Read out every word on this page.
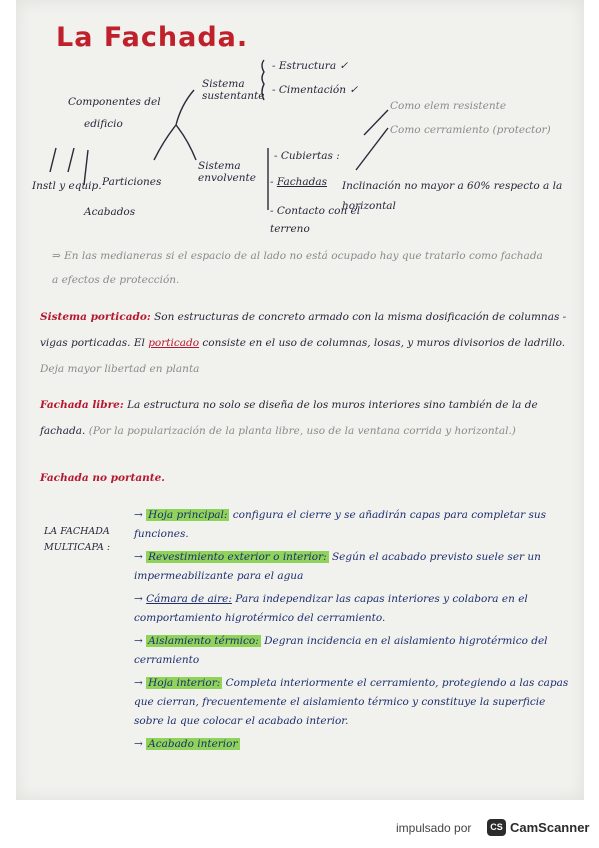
La Fachada.
Componentes del
edificio
Instl y equip. Particiones
Acabados
Sistema sustentante
- Estructura ✓
- Cimentación ✓
Sistema envolvente
- Cubiertas :
- Fachadas Inclinación no mayor a 60% respecto a la horizontal
- Contacto con el terreno
Como elem resistente
Como cerramiento (protector)
⇒ En las medianeras si el espacio de al lado no está ocupado hay que tratarlo como fachada a efectos de protección.
Sistema porticado: Son estructuras de concreto armado con la misma dosificación de columnas - vigas porticadas. El porticado consiste en el uso de columnas, losas, y muros divisorios de ladrillo. Deja mayor libertad en planta
Fachada libre: La estructura no solo se diseña de los muros interiores sino también de la de fachada. (Por la popularización de la planta libre, uso de la ventana corrida y horizontal.)
Fachada no portante.
LA FACHADA MULTICAPA :
→ Hoja principal: configura el cierre y se añadirán capas para completar sus funciones.
→ Revestimiento exterior o interior: Según el acabado previsto suele ser un impermeabilizante para el agua
→ Cámara de aire: Para independizar las capas interiores y colabora en el comportamiento higrotérmico del cerramiento.
→ Aislamiento térmico: Degran incidencia en el aislamiento higrotérmico del cerramiento
→ Hoja interior: Completa interiormente el cerramiento, protegiendo a las capas que cierran, frecuentemente el aislamiento térmico y constituye la superficie sobre la que colocar el acabado interior.
→ Acabado interior
impulsado por	CS CamScanner
